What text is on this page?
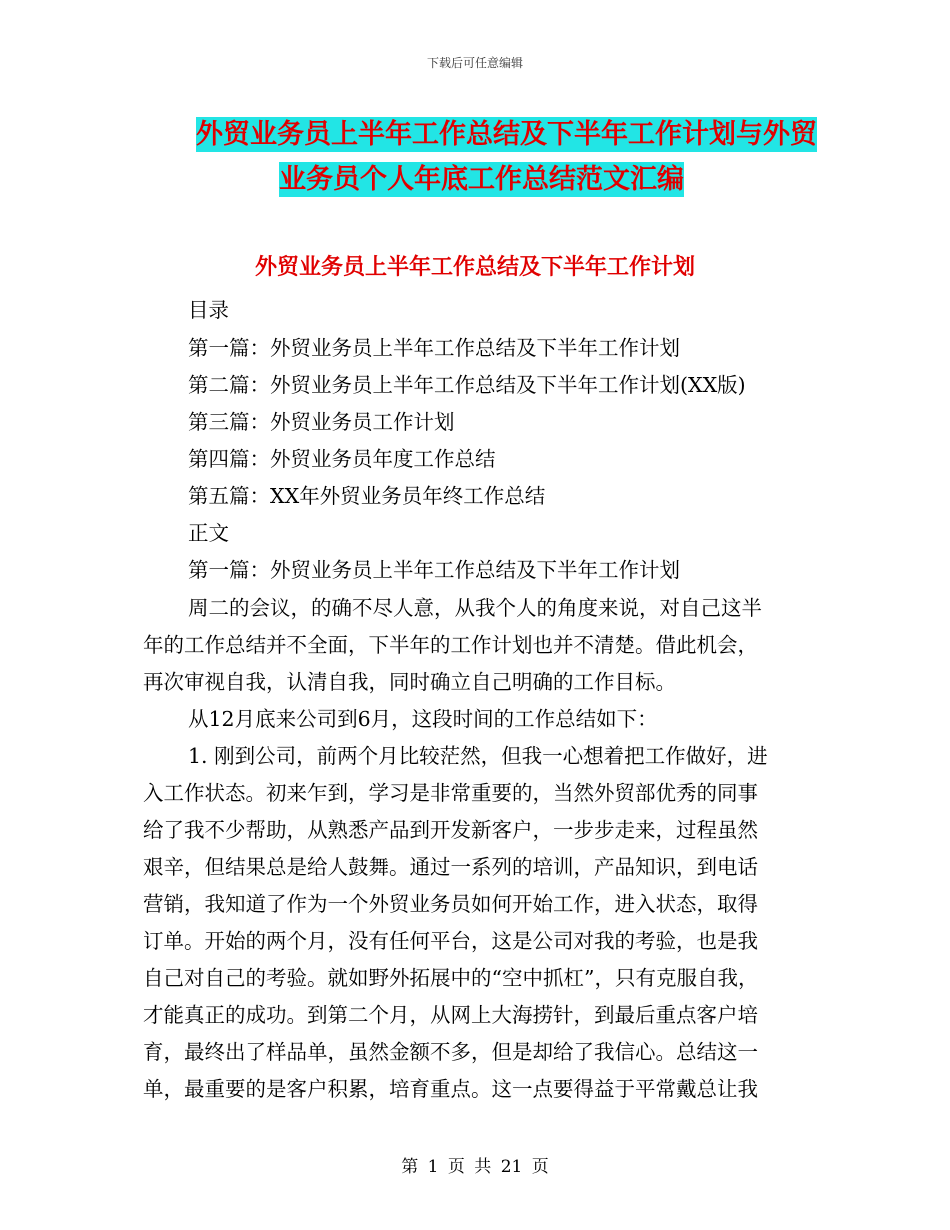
下载后可任意编辑
外贸业务员上半年工作总结及下半年工作计划与外贸
业务员个人年底工作总结范文汇编
外贸业务员上半年工作总结及下半年工作计划
目录
第一篇：外贸业务员上半年工作总结及下半年工作计划
第二篇：外贸业务员上半年工作总结及下半年工作计划(XX版)
第三篇：外贸业务员工作计划
第四篇：外贸业务员年度工作总结
第五篇：XX年外贸业务员年终工作总结
正文
第一篇：外贸业务员上半年工作总结及下半年工作计划
周二的会议，的确不尽人意，从我个人的角度来说，对自己这半
年的工作总结并不全面，下半年的工作计划也并不清楚。借此机会，
再次审视自我，认清自我，同时确立自己明确的工作目标。
从12月底来公司到6月，这段时间的工作总结如下：
1. 刚到公司，前两个月比较茫然，但我一心想着把工作做好，进
入工作状态。初来乍到，学习是非常重要的，当然外贸部优秀的同事
给了我不少帮助，从熟悉产品到开发新客户，一步步走来，过程虽然
艰辛，但结果总是给人鼓舞。通过一系列的培训，产品知识，到电话
营销，我知道了作为一个外贸业务员如何开始工作，进入状态，取得
订单。开始的两个月，没有任何平台，这是公司对我的考验，也是我
自己对自己的考验。就如野外拓展中的“空中抓杠”，只有克服自我，
才能真正的成功。到第二个月，从网上大海捞针，到最后重点客户培
育，最终出了样品单，虽然金额不多，但是却给了我信心。总结这一
单，最重要的是客户积累，培育重点。这一点要得益于平常戴总让我
第 1 页 共 21 页
